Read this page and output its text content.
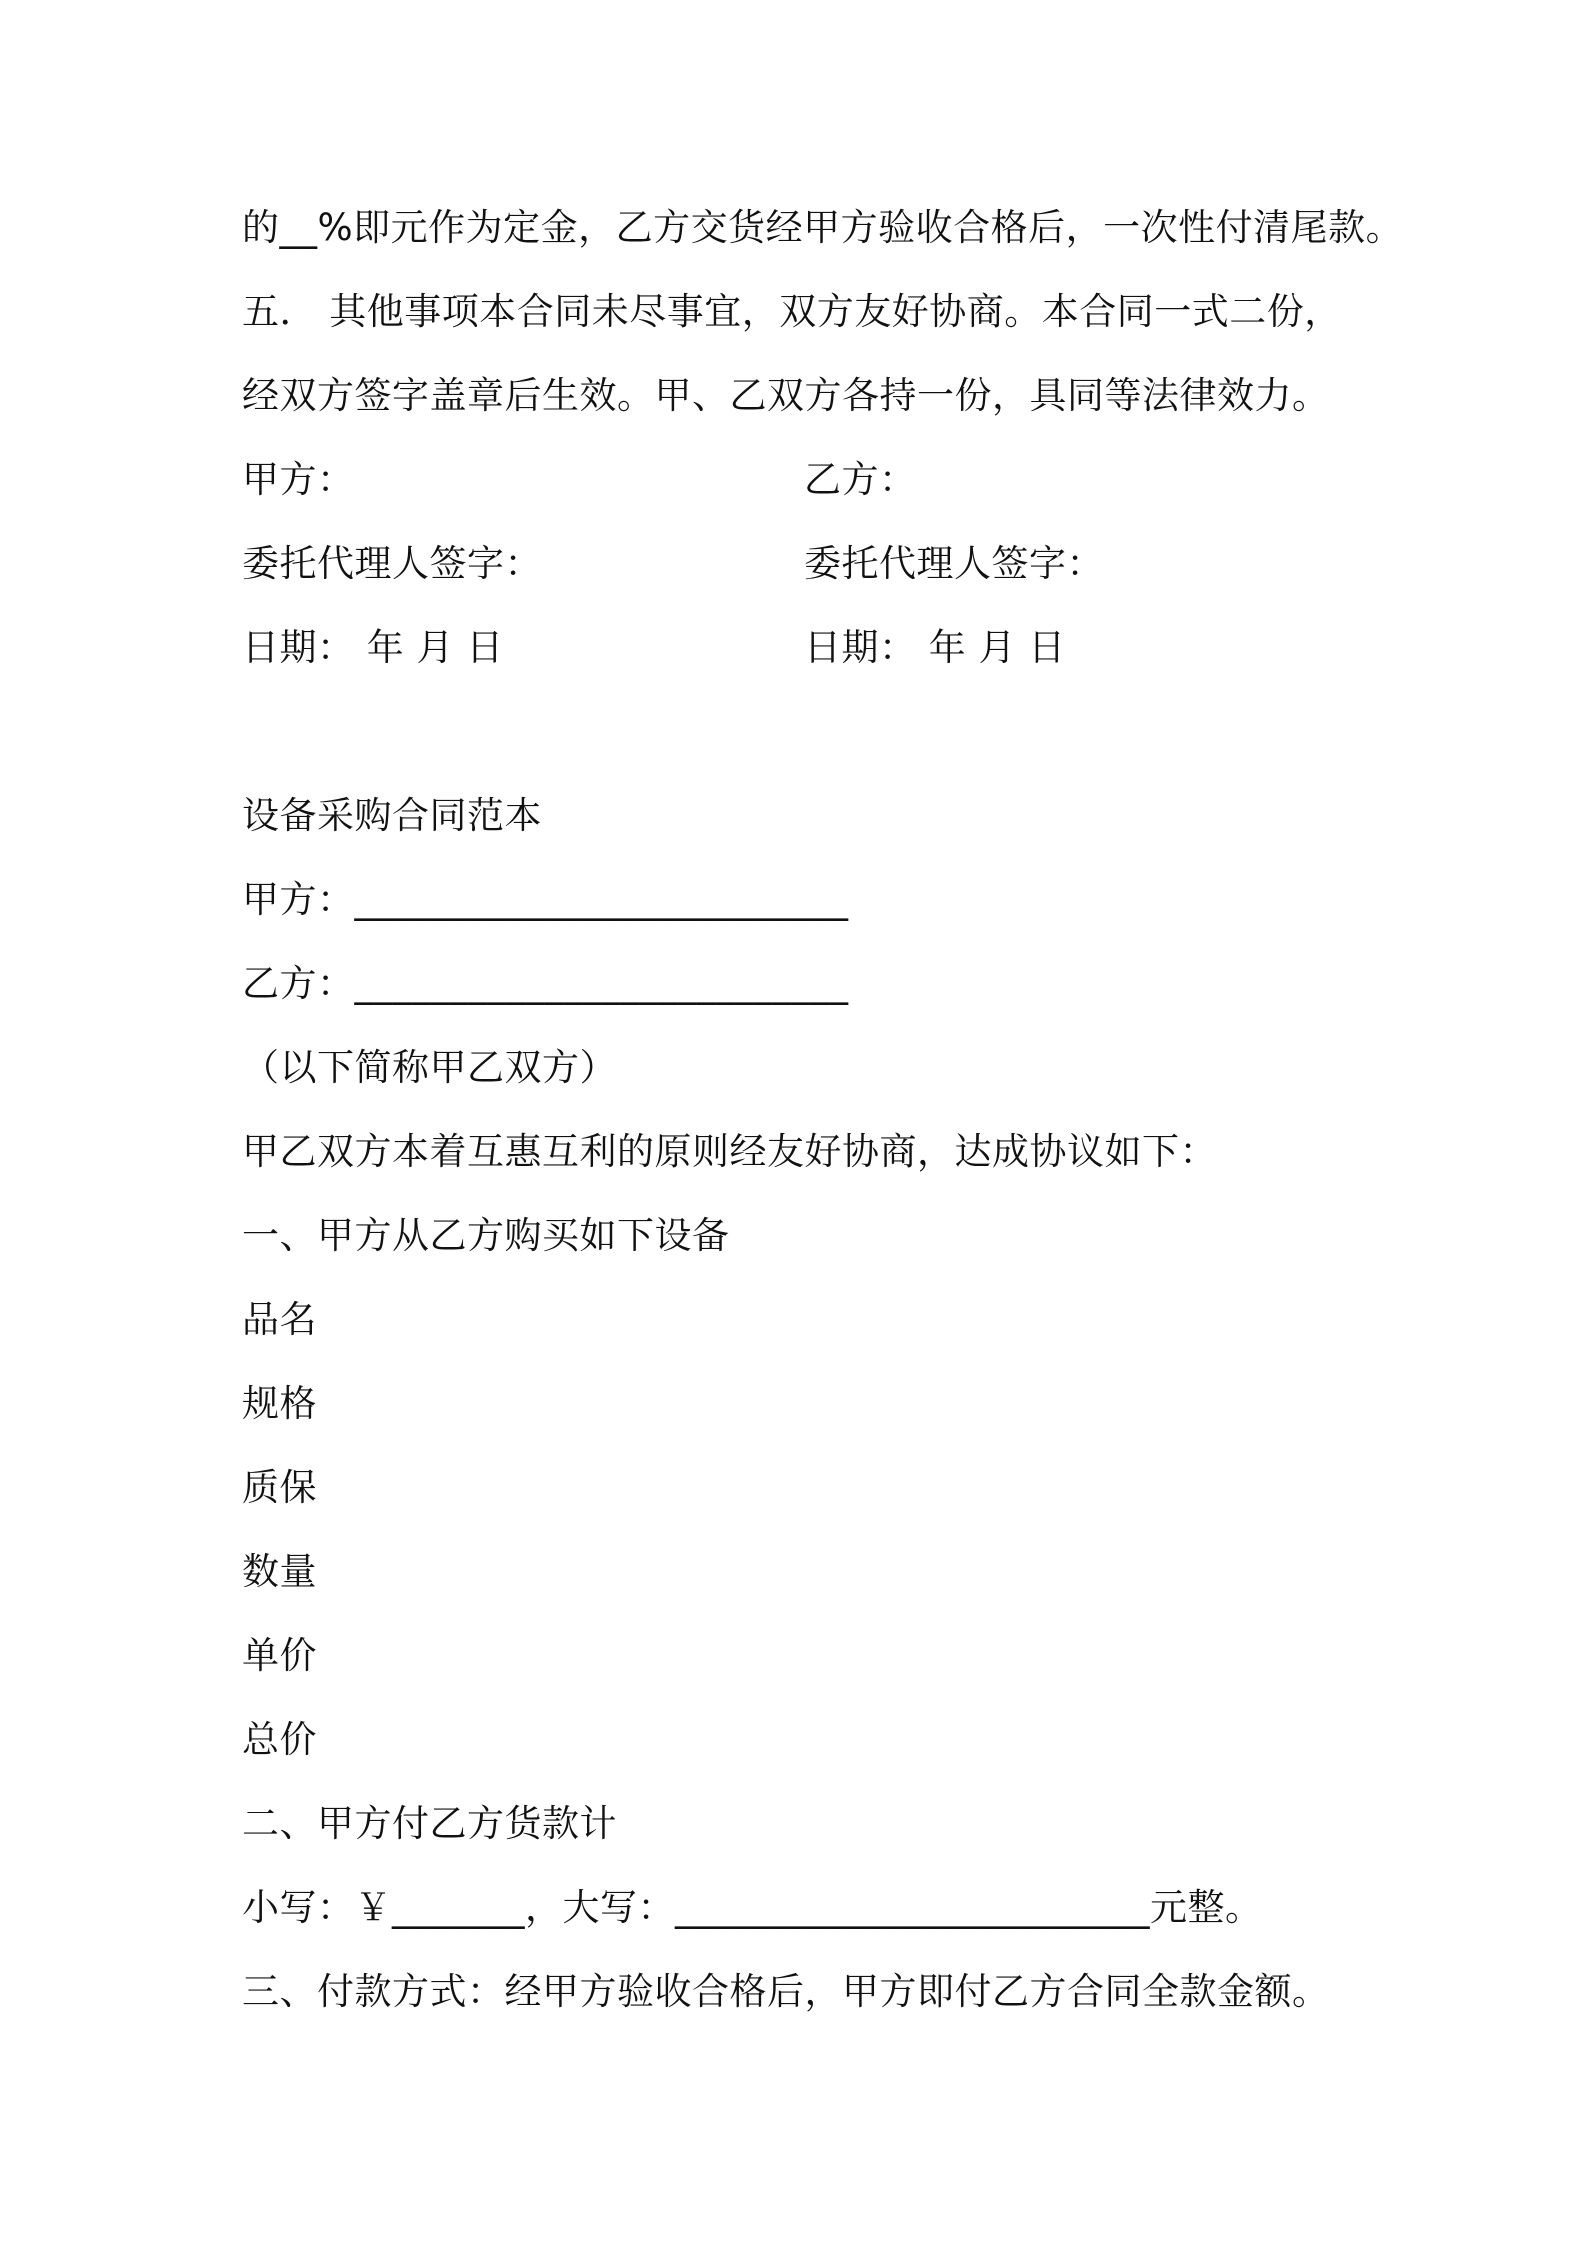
的__%即元作为定金，乙方交货经甲方验收合格后，一次性付清尾款。
五． 其他事项本合同未尽事宜，双方友好协商。本合同一式二份，
经双方签字盖章后生效。甲、乙双方各持一份，具同等法律效力。
甲方：	乙方：
委托代理人签字：	委托代理人签字：
日期： 年 月 日	日期： 年 月 日
设备采购合同范本
甲方：__________________________
乙方：__________________________
（以下简称甲乙双方）
甲乙双方本着互惠互利的原则经友好协商，达成协议如下：
一、甲方从乙方购买如下设备
品名
规格
质保
数量
单价
总价
二、甲方付乙方货款计
小写：￥_______，大写：_________________________元整。
三、付款方式：经甲方验收合格后，甲方即付乙方合同全款金额。
